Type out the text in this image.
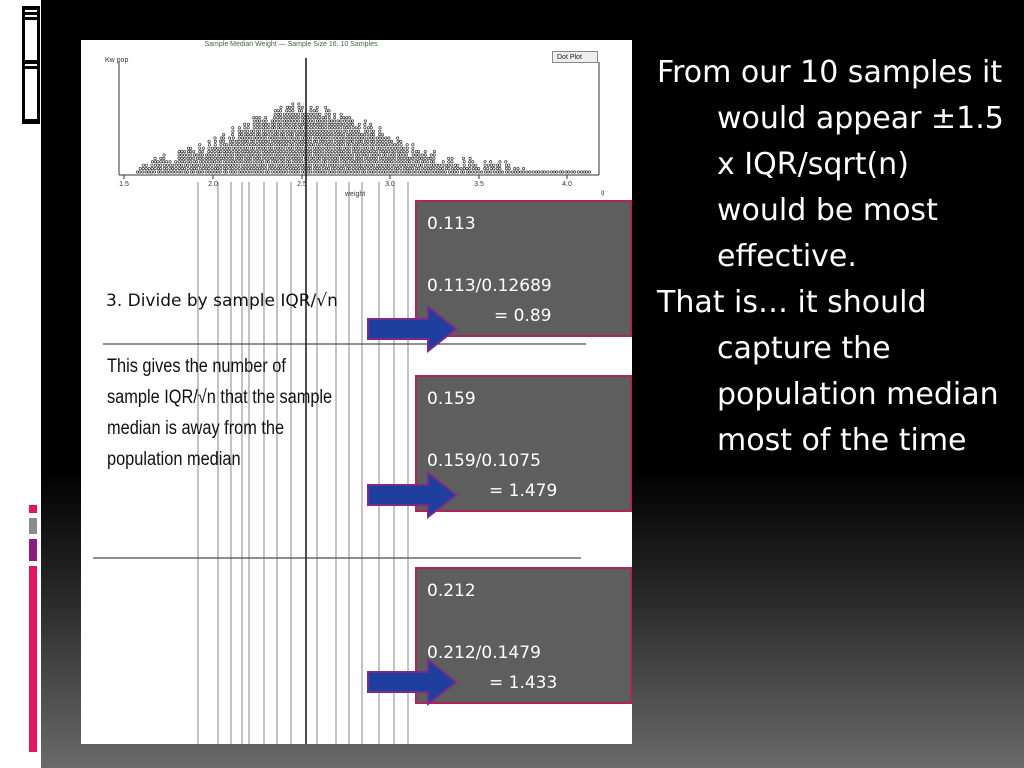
Sample Median Weight — Sample Size 16, 10 Samples
Kw pop
weight	g
1.5	2.0	2.5	3.0	3.5	4.0
Dot Plot
3. Divide by sample IQR/√n
This gives the number of sample IQR/√n that the sample median is away from the population median
0.113
0.113/0.12689
= 0.89
0.159
0.159/0.1075
= 1.479
0.212
0.212/0.1479
= 1.433

From our 10 samples it would appear ±1.5 x IQR/sqrt(n) would be most effective.

That is… it should capture the population median most of the time
